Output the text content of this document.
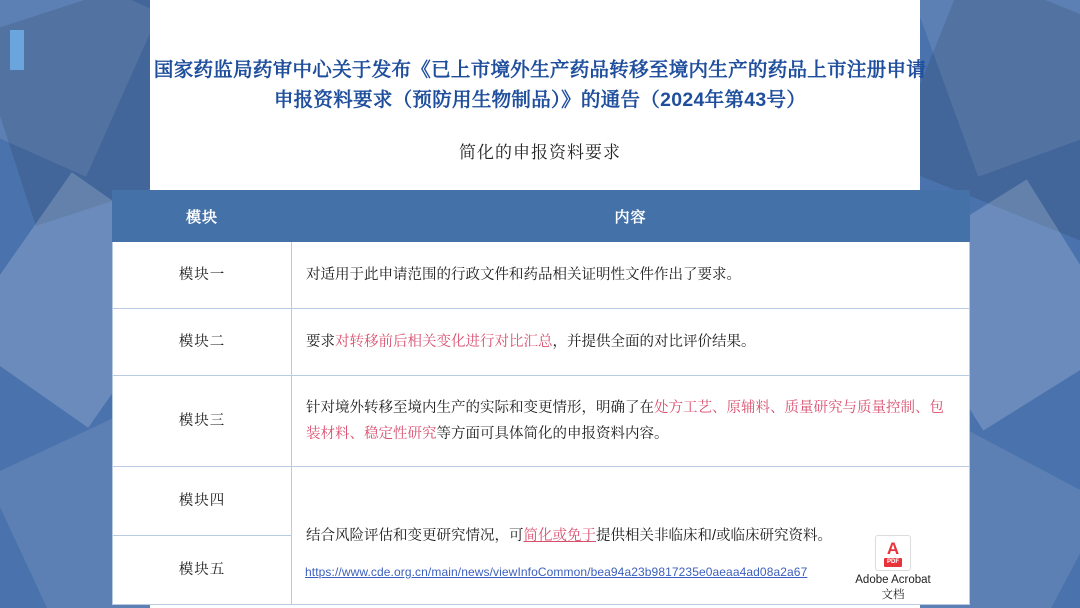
国家药监局药审中心关于发布《已上市境外生产药品转移至境内生产的药品上市注册申请
申报资料要求（预防用生物制品）》的通告（2024年第43号）
简化的申报资料要求
模块	内容
模块一	对适用于此申请范围的行政文件和药品相关证明性文件作出了要求。
模块二	要求对转移前后相关变化进行对比汇总，并提供全面的对比评价结果。
模块三	针对境外转移至境内生产的实际和变更情形，明确了在处方工艺、原辅料、质量研究与质量控制、包装材料、稳定性研究等方面可具体简化的申报资料内容。
模块四	结合风险评估和变更研究情况，可简化或免于提供相关非临床和/或临床研究资料。
模块五		https://www.cde.org.cn/main/news/viewInfoCommon/bea94a23b9817235e0aeaa4ad08a2a67
A
PDF
Adobe Acrobat
文档
